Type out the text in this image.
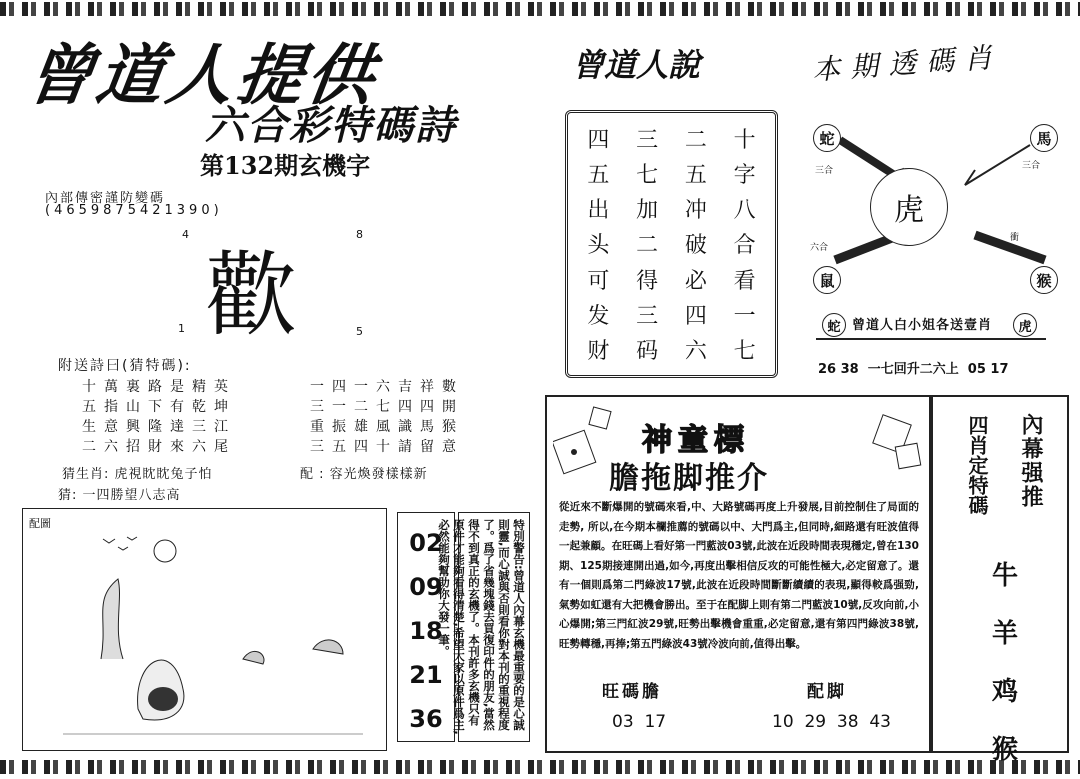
曾道人提供
六合彩特碼詩
第132期玄機字
內部傳密謹防變碼
(4659875421390)
4	8
1	5
歡
附送詩曰(猜特碼):
十萬裏路是精英
五指山下有乾坤
生意興隆達三江
二六招財來六尾
一四一六吉祥數
三一二七四四開
重振雄風識馬猴
三五四十請留意
猜生肖: 虎視眈眈兔子怕	配 : 容光煥發樣樣新
猜: 一四勝望八志高
配圖
02
09
18
21
36	特別警告:曾道人內幕玄機最重要的是心誠則靈,而心誠與否則看你對本刊的重視程度了。爲了省幾塊錢去買復印件的朋友,當然得不到真正的玄機了。本刊許多玄機只有原件才能夠看得清楚,希望大家以原件爲主,必然能夠幫助你大發一筆。
曾道人說
四	三	二	十
五	七	五	字
出	加	冲	八
头	二	破	合
可	得	必	看
发	三	四	一
财	码	六	七
本期透碼肖
虎
蛇	馬
鼠	猴
三合	三合
六合
衝
蛇 曾道人白小姐各送壹肖	虎
26 38  一七回升二六上  05 17
神童標
膽拖脚推介
從近來不斷爆開的號碼來看,中、大路號碼再度上升發展,目前控制住了局面的走勢, 所以,在今期本欄推薦的號碼以中、大門爲主,但同時,細路還有旺波值得一起兼顧。在旺碼上看好第一門藍波03號,此波在近段時間表現穩定,曾在130期、125期接連開出過,如今,再度出擊相信反攻的可能性極大,必定留意了。還有一個則爲第二門綠波17號,此波在近段時間斷斷續續的表現,顯得較爲强勁,氣勢如虹還有大把機會勝出。至于在配脚上則有第二門藍波10號,反攻向前,小心爆開;第三門紅波29號,旺勢出擊機會重重,必定留意,還有第四門綠波38號,旺勢轉穩,再捧;第五門綠波43號冷波向前,值得出擊。
旺碼膽
03  17
配脚
10  29  38  43
內幕强推
四肖定特碼
牛
羊
鸡
猴
